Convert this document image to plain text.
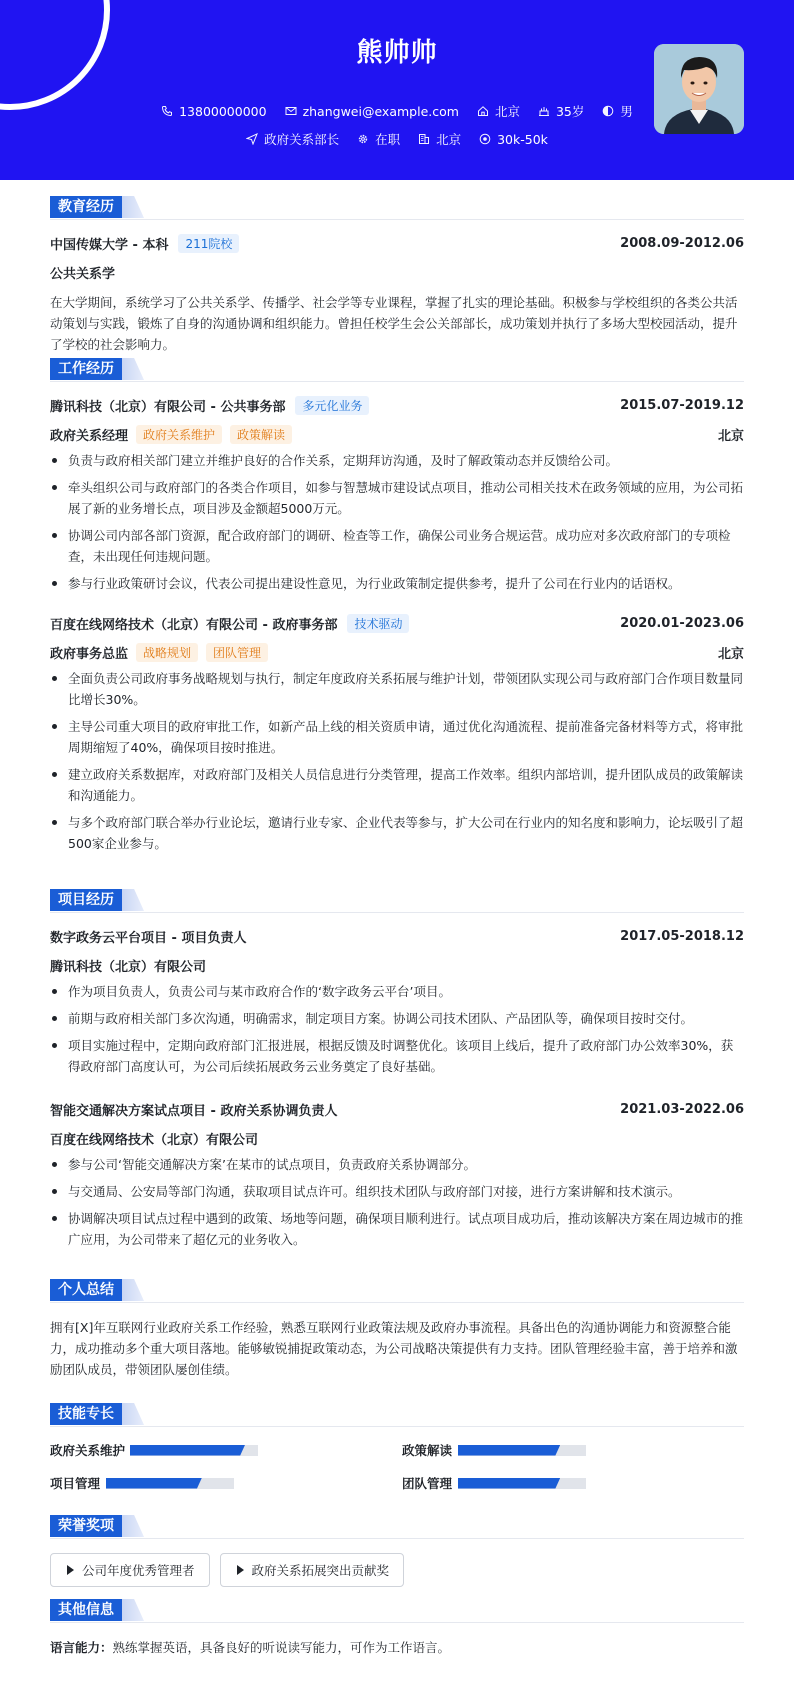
熊帅帅
13800000000	zhangwei@example.com	北京	35岁	男
政府关系部长	在职	北京	30k-50k
教育经历
中国传媒大学 - 本科	211院校	2008.09-2012.06
公共关系学
在大学期间，系统学习了公共关系学、传播学、社会学等专业课程，掌握了扎实的理论基础。积极参与学校组织的各类公共活动策划与实践，锻炼了自身的沟通协调和组织能力。曾担任校学生会公关部部长，成功策划并执行了多场大型校园活动，提升了学校的社会影响力。
工作经历
腾讯科技（北京）有限公司 - 公共事务部	多元化业务	2015.07-2019.12
政府关系经理	政府关系维护	政策解读	北京
负责与政府相关部门建立并维护良好的合作关系，定期拜访沟通，及时了解政策动态并反馈给公司。
牵头组织公司与政府部门的各类合作项目，如参与智慧城市建设试点项目，推动公司相关技术在政务领域的应用，为公司拓展了新的业务增长点，项目涉及金额超5000万元。
协调公司内部各部门资源，配合政府部门的调研、检查等工作，确保公司业务合规运营。成功应对多次政府部门的专项检查，未出现任何违规问题。
参与行业政策研讨会议，代表公司提出建设性意见，为行业政策制定提供参考，提升了公司在行业内的话语权。
百度在线网络技术（北京）有限公司 - 政府事务部	技术驱动	2020.01-2023.06
政府事务总监	战略规划	团队管理	北京
全面负责公司政府事务战略规划与执行，制定年度政府关系拓展与维护计划，带领团队实现公司与政府部门合作项目数量同比增长30%。
主导公司重大项目的政府审批工作，如新产品上线的相关资质申请，通过优化沟通流程、提前准备完备材料等方式，将审批周期缩短了40%，确保项目按时推进。
建立政府关系数据库，对政府部门及相关人员信息进行分类管理，提高工作效率。组织内部培训，提升团队成员的政策解读和沟通能力。
与多个政府部门联合举办行业论坛，邀请行业专家、企业代表等参与，扩大公司在行业内的知名度和影响力，论坛吸引了超500家企业参与。
项目经历
数字政务云平台项目 - 项目负责人	2017.05-2018.12
腾讯科技（北京）有限公司
作为项目负责人，负责公司与某市政府合作的‘数字政务云平台’项目。
前期与政府相关部门多次沟通，明确需求，制定项目方案。协调公司技术团队、产品团队等，确保项目按时交付。
项目实施过程中，定期向政府部门汇报进展，根据反馈及时调整优化。该项目上线后，提升了政府部门办公效率30%，获得政府部门高度认可，为公司后续拓展政务云业务奠定了良好基础。
智能交通解决方案试点项目 - 政府关系协调负责人	2021.03-2022.06
百度在线网络技术（北京）有限公司
参与公司‘智能交通解决方案’在某市的试点项目，负责政府关系协调部分。
与交通局、公安局等部门沟通，获取项目试点许可。组织技术团队与政府部门对接，进行方案讲解和技术演示。
协调解决项目试点过程中遇到的政策、场地等问题，确保项目顺利进行。试点项目成功后，推动该解决方案在周边城市的推广应用，为公司带来了超亿元的业务收入。
个人总结
拥有[X]年互联网行业政府关系工作经验，熟悉互联网行业政策法规及政府办事流程。具备出色的沟通协调能力和资源整合能力，成功推动多个重大项目落地。能够敏锐捕捉政策动态，为公司战略决策提供有力支持。团队管理经验丰富，善于培养和激励团队成员，带领团队屡创佳绩。
技能专长
政府关系维护	政策解读
项目管理	团队管理
荣誉奖项
公司年度优秀管理者	政府关系拓展突出贡献奖
其他信息
语言能力：熟练掌握英语，具备良好的听说读写能力，可作为工作语言。
